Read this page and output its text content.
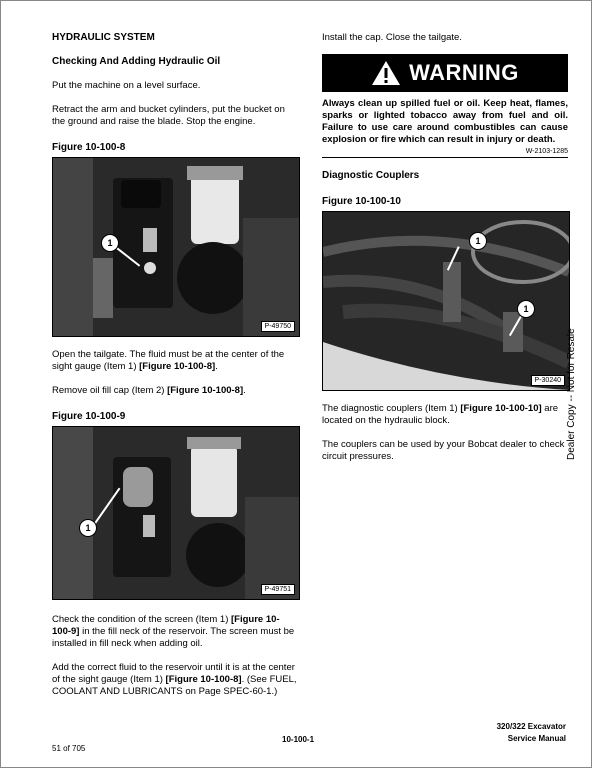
HYDRAULIC SYSTEM

Checking And Adding Hydraulic Oil

Put the machine on a level surface.

Retract the arm and bucket cylinders, put the bucket on the ground and raise the blade. Stop the engine.

Figure 10-100-8
1
P-49750

Open the tailgate. The fluid must be at the center of the sight gauge (Item 1) [Figure 10-100-8].

Remove oil fill cap (Item 2) [Figure 10-100-8].

Figure 10-100-9
1
P-49751

Check the condition of the screen (Item 1) [Figure 10-100-9] in the fill neck of the reservoir. The screen must be installed in fill neck when adding oil.

Add the correct fluid to the reservoir until it is at the center of the sight gauge (Item 1) [Figure 10-100-8]. (See FUEL, COOLANT AND LUBRICANTS on Page SPEC-60-1.)

Install the cap. Close the tailgate.

WARNING
Always clean up spilled fuel or oil. Keep heat, flames, sparks or lighted tobacco away from fuel and oil. Failure to use care around combustibles can cause explosion or fire which can result in injury or death.
W-2103-1285

Diagnostic Couplers

Figure 10-100-10
1
1
P-30240

The diagnostic couplers (Item 1) [Figure 10-100-10] are located on the hydraulic block.

The couplers can be used by your Bobcat dealer to check circuit pressures.	Dealer Copy -- Not for Resale
51 of 705
10-100-1
320/322 Excavator
Service Manual
